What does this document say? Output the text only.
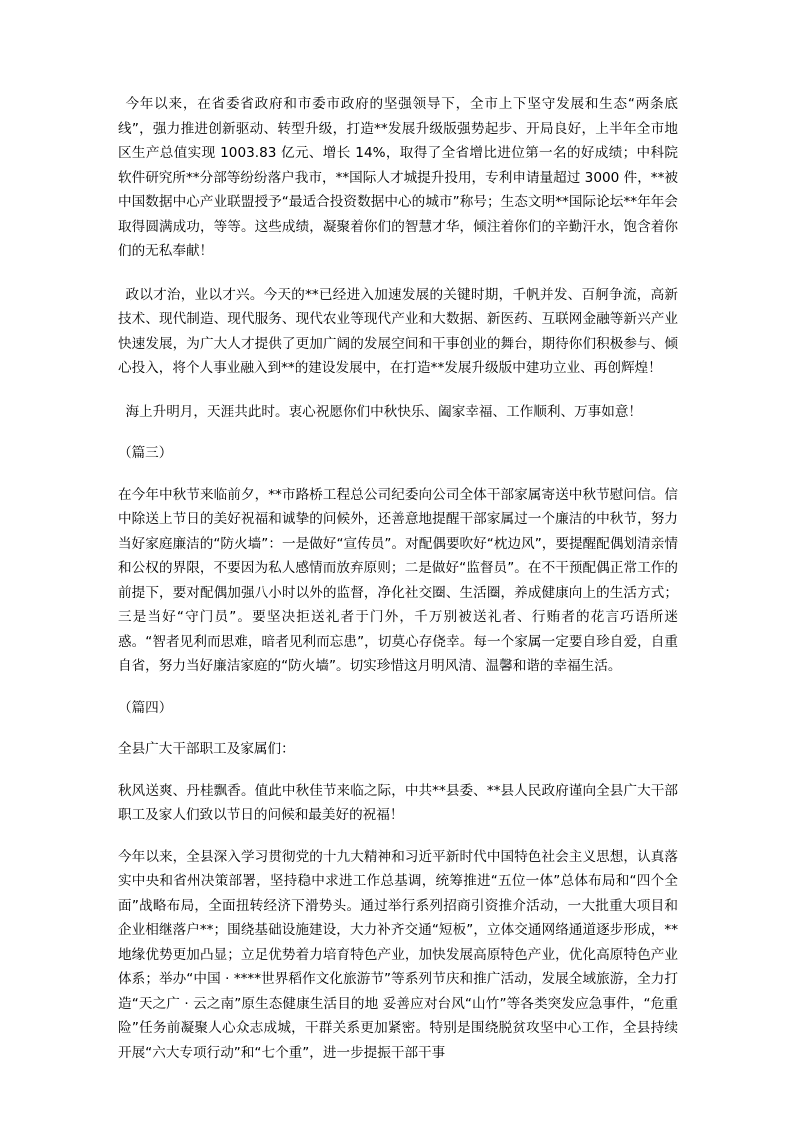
今年以来，在省委省政府和市委市政府的坚强领导下，全市上下坚守发展和生态“两条底线”，强力推进创新驱动、转型升级，打造**发展升级版强势起步、开局良好，上半年全市地区生产总值实现 1003.83 亿元、增长 14%，取得了全省增比进位第一名的好成绩；中科院软件研究所**分部等纷纷落户我市，**国际人才城提升投用，专利申请量超过 3000 件，**被中国数据中心产业联盟授予“最适合投资数据中心的城市”称号；生态文明**国际论坛**年年会取得圆满成功，等等。这些成绩，凝聚着你们的智慧才华，倾注着你们的辛勤汗水，饱含着你们的无私奉献！

政以才治，业以才兴。今天的**已经进入加速发展的关键时期，千帆并发、百舸争流，高新技术、现代制造、现代服务、现代农业等现代产业和大数据、新医药、互联网金融等新兴产业快速发展，为广大人才提供了更加广阔的发展空间和干事创业的舞台，期待你们积极参与、倾心投入，将个人事业融入到**的建设发展中，在打造**发展升级版中建功立业、再创辉煌！

海上升明月，天涯共此时。衷心祝愿你们中秋快乐、阖家幸福、工作顺利、万事如意！

（篇三）

在今年中秋节来临前夕，**市路桥工程总公司纪委向公司全体干部家属寄送中秋节慰问信。信中除送上节日的美好祝福和诚挚的问候外，还善意地提醒干部家属过一个廉洁的中秋节，努力当好家庭廉洁的“防火墙”：一是做好“宣传员”。对配偶要吹好“枕边风”，要提醒配偶划清亲情和公权的界限，不要因为私人感情而放弃原则；二是做好“监督员”。在不干预配偶正常工作的前提下，要对配偶加强八小时以外的监督，净化社交圈、生活圈，养成健康向上的生活方式；三是当好“守门员”。要坚决拒送礼者于门外，千万别被送礼者、行贿者的花言巧语所迷惑。“智者见利而思难，暗者见利而忘患”，切莫心存侥幸。每一个家属一定要自珍自爱，自重自省，努力当好廉洁家庭的“防火墙”。切实珍惜这月明风清、温馨和谐的幸福生活。

（篇四）

全县广大干部职工及家属们：

秋风送爽、丹桂飘香。值此中秋佳节来临之际，中共**县委、**县人民政府谨向全县广大干部职工及家人们致以节日的问候和最美好的祝福！

今年以来，全县深入学习贯彻党的十九大精神和习近平新时代中国特色社会主义思想，认真落实中央和省州决策部署，坚持稳中求进工作总基调，统筹推进“五位一体”总体布局和“四个全面”战略布局，全面扭转经济下滑势头。通过举行系列招商引资推介活动，一大批重大项目和企业相继落户**；围绕基础设施建设，大力补齐交通“短板”，立体交通网络通道逐步形成，**地缘优势更加凸显；立足优势着力培育特色产业，加快发展高原特色产业，优化高原特色产业体系；举办“中国 · ****世界稻作文化旅游节”等系列节庆和推广活动，发展全域旅游，全力打造“天之广 · 云之南”原生态健康生活目的地 妥善应对台风“山竹”等各类突发应急事件，“危重险”任务前凝聚人心众志成城，干群关系更加紧密。特别是围绕脱贫攻坚中心工作，全县持续开展“六大专项行动”和“七个重”，进一步提振干部干事
